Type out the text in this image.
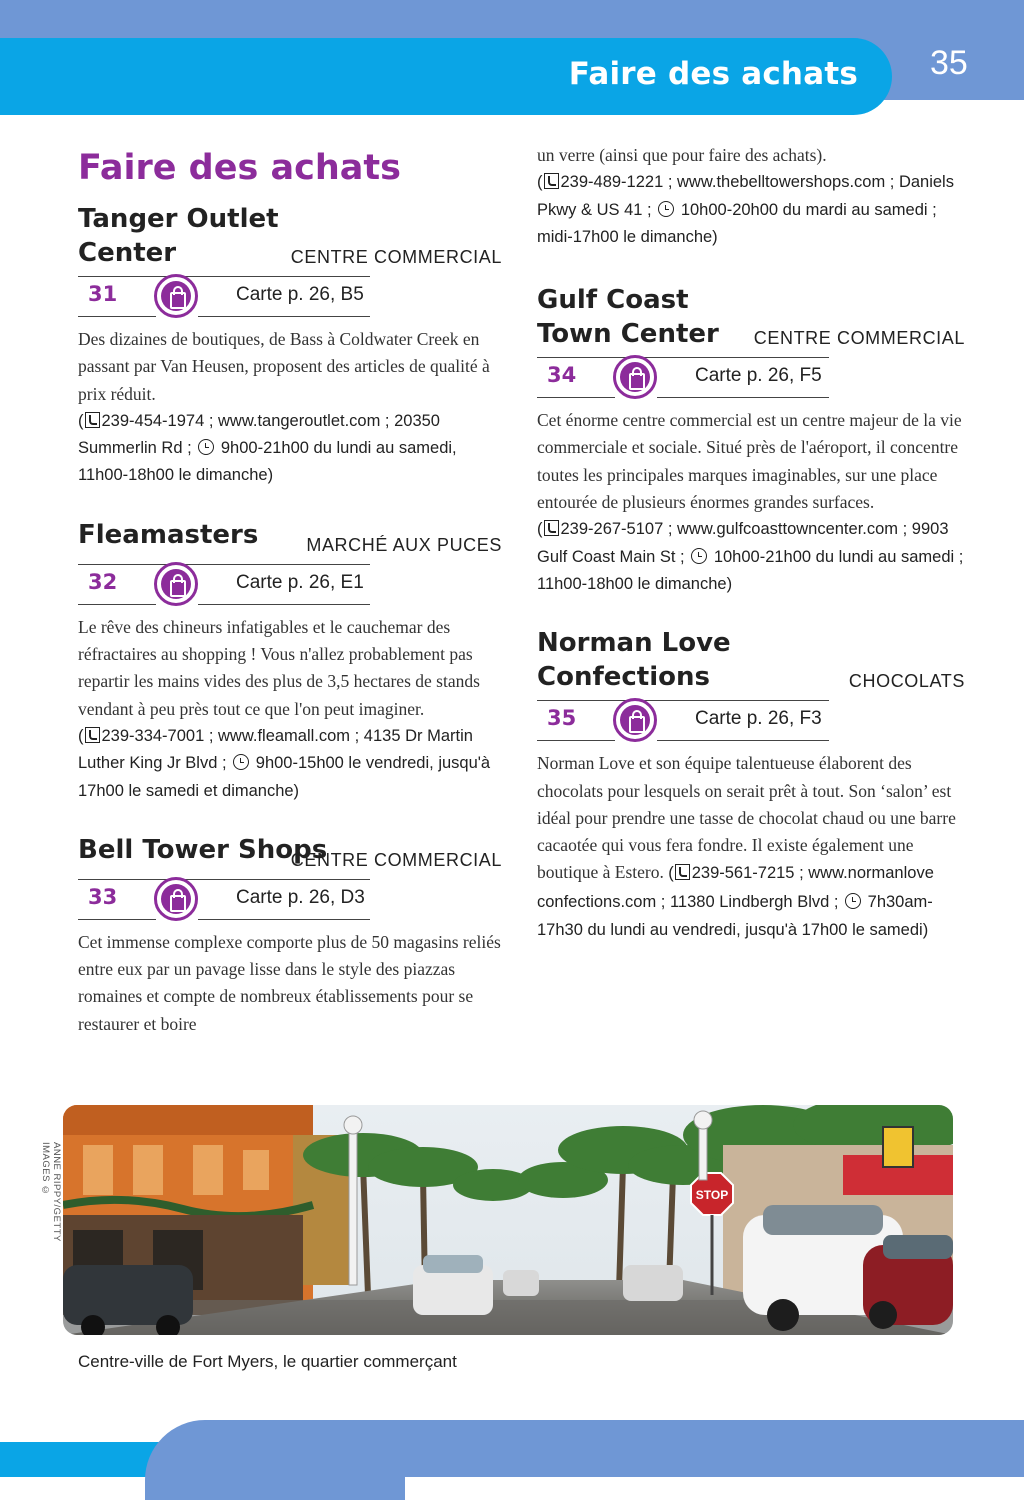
Faire des achats 35
Faire des achats
Tanger Outlet
Center	CENTRE COMMERCIAL
31	Carte p. 26, B5
Des dizaines de boutiques, de Bass à Coldwater Creek en passant par Van Heusen, proposent des articles de qualité à prix réduit.
( 239-454-1974 ; www.tangeroutlet.com ; 20350 Summerlin Rd ;  9h00-21h00 du lundi au samedi, 11h00-18h00 le dimanche)
Fleamasters	MARCHÉ AUX PUCES
32	Carte p. 26, E1
Le rêve des chineurs infatigables et le cauchemar des réfractaires au shopping ! Vous n'allez probablement pas repartir les mains vides des plus de 3,5 hectares de stands vendant à peu près tout ce que l'on peut imaginer.
( 239-334-7001 ; www.fleamall.com ; 4135 Dr Martin Luther King Jr Blvd ;  9h00-15h00 le vendredi, jusqu'à 17h00 le samedi et dimanche)
Bell Tower Shops
CENTRE COMMERCIAL
33	Carte p. 26, D3
Cet immense complexe comporte plus de 50 magasins reliés entre eux par un pavage lisse dans le style des piazzas romaines et compte de nombreux établissements pour se restaurer et boire
un verre (ainsi que pour faire des achats).
( 239-489-1221 ; www.thebelltowershops.com ; Daniels Pkwy & US 41 ;  10h00-20h00 du mardi au samedi ; midi-17h00 le dimanche)
Gulf Coast
Town Center CENTRE COMMERCIAL
34	Carte p. 26, F5
Cet énorme centre commercial est un centre majeur de la vie commerciale et sociale. Situé près de l'aéroport, il concentre toutes les principales marques imaginables, sur une place entourée de plusieurs énormes grandes surfaces.
( 239-267-5107 ; www.gulfcoasttowncenter.com ; 9903 Gulf Coast Main St ;  10h00-21h00 du lundi au samedi ; 11h00-18h00 le dimanche)
Norman Love
Confections	CHOCOLATS
35	Carte p. 26, F3
Norman Love et son équipe talentueuse élaborent des chocolats pour lesquels on serait prêt à tout. Son ‘salon’ est idéal pour prendre une tasse de chocolat chaud ou une barre cacaotée qui vous fera fondre. Il existe également une boutique à Estero. ( 239-561-7215 ; www.normanlove confections.com ; 11380 Lindbergh Blvd ;  7h30am-17h30 du lundi au vendredi, jusqu'à 17h00 le samedi)
ANNE RIPPY/GETTY IMAGES ©	STOP
Centre-ville de Fort Myers, le quartier commerçant
